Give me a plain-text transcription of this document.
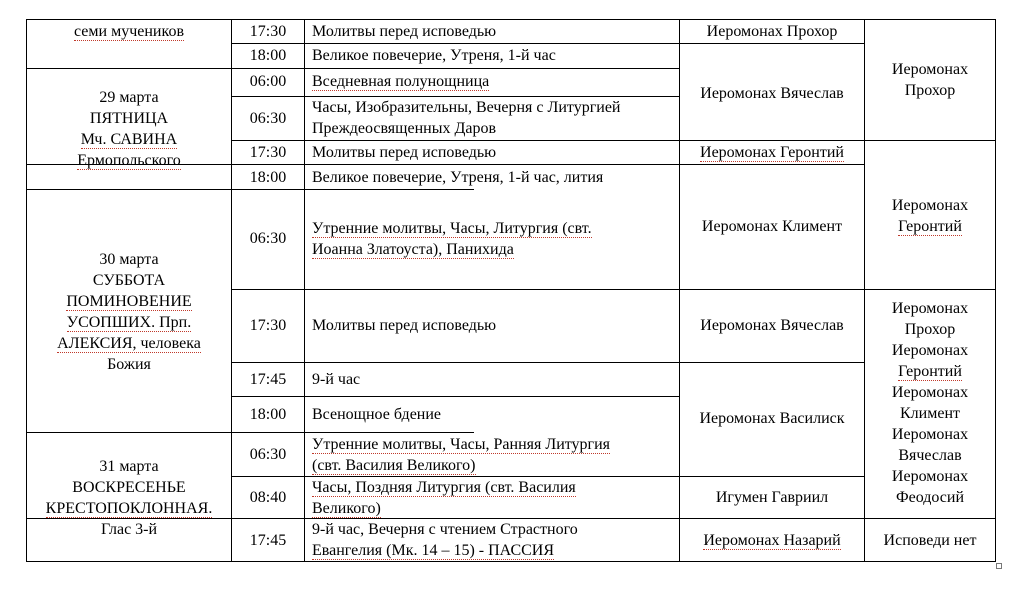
семи мучеников
29 марта
ПЯТНИЦА
Мч. САВИНА
Ермопольского
30 марта
СУББОТА
ПОМИНОВЕНИЕ
УСОПШИХ. Прп.
АЛЕКСИЯ, человека
Божия
31 марта
ВОСКРЕСЕНЬЕ
КРЕСТОПОКЛОННАЯ.
Глас 3-й
17:30
18:00
06:00
06:30
17:30
18:00
06:30
17:30
17:45
18:00
06:30
08:40
17:45
Молитвы перед исповедью
Великое повечерие, Утреня, 1-й час
Вседневная полунощница
Часы, Изобразительны, Вечерня с Литургией
Преждеосвященных Даров
Молитвы перед исповедью
Великое повечерие, Утреня, 1-й час, лития
Утренние молитвы, Часы, Литургия (свт.
Иоанна Златоуста), Панихида
Молитвы перед исповедью
9-й час
Всенощное бдение
Утренние молитвы, Часы, Ранняя Литургия
(свт. Василия Великого)
Часы, Поздняя Литургия (свт. Василия
Великого)
9-й час, Вечерня с чтением Страстного
Евангелия (Мк. 14 – 15) - ПАССИЯ
Иеромонах Прохор
Иеромонах Вячеслав
Иеромонах Геронтий
Иеромонах Климент
Иеромонах Вячеслав
Иеромонах Василиск
Игумен Гавриил
Иеромонах Назарий
Иеромонах
Прохор
Иеромонах
Геронтий
Иеромонах
Прохор
Иеромонах
Геронтий
Иеромонах
Климент
Иеромонах
Вячеслав
Иеромонах
Феодосий
Исповеди нет
